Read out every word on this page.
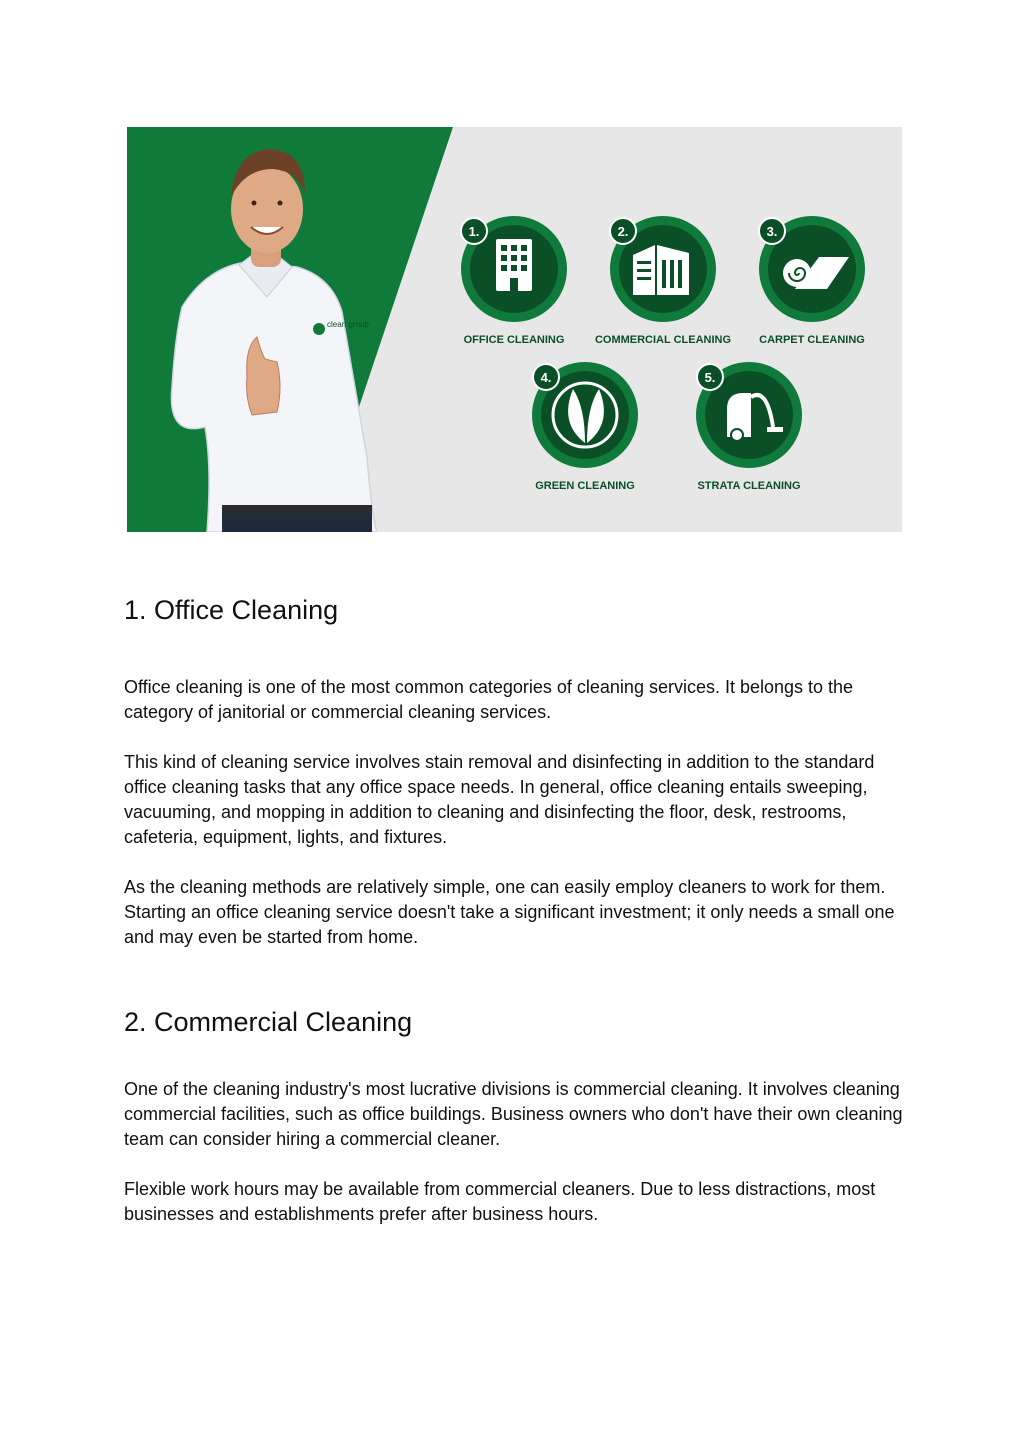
clean group
1.
OFFICE CLEANING
2.
COMMERCIAL CLEANING
3.
CARPET CLEANING
4.
GREEN CLEANING
5.
STRATA CLEANING
1. Office Cleaning

Office cleaning is one of the most common categories of cleaning services. It belongs to the category of janitorial or commercial cleaning services.

This kind of cleaning service involves stain removal and disinfecting in addition to the standard office cleaning tasks that any office space needs. In general, office cleaning entails sweeping, vacuuming, and mopping in addition to cleaning and disinfecting the floor, desk, restrooms, cafeteria, equipment, lights, and fixtures.

As the cleaning methods are relatively simple, one can easily employ cleaners to work for them. Starting an office cleaning service doesn't take a significant investment; it only needs a small one and may even be started from home.

2. Commercial Cleaning

One of the cleaning industry's most lucrative divisions is commercial cleaning. It involves cleaning commercial facilities, such as office buildings. Business owners who don't have their own cleaning team can consider hiring a commercial cleaner.

Flexible work hours may be available from commercial cleaners. Due to less distractions, most businesses and establishments prefer after business hours.
